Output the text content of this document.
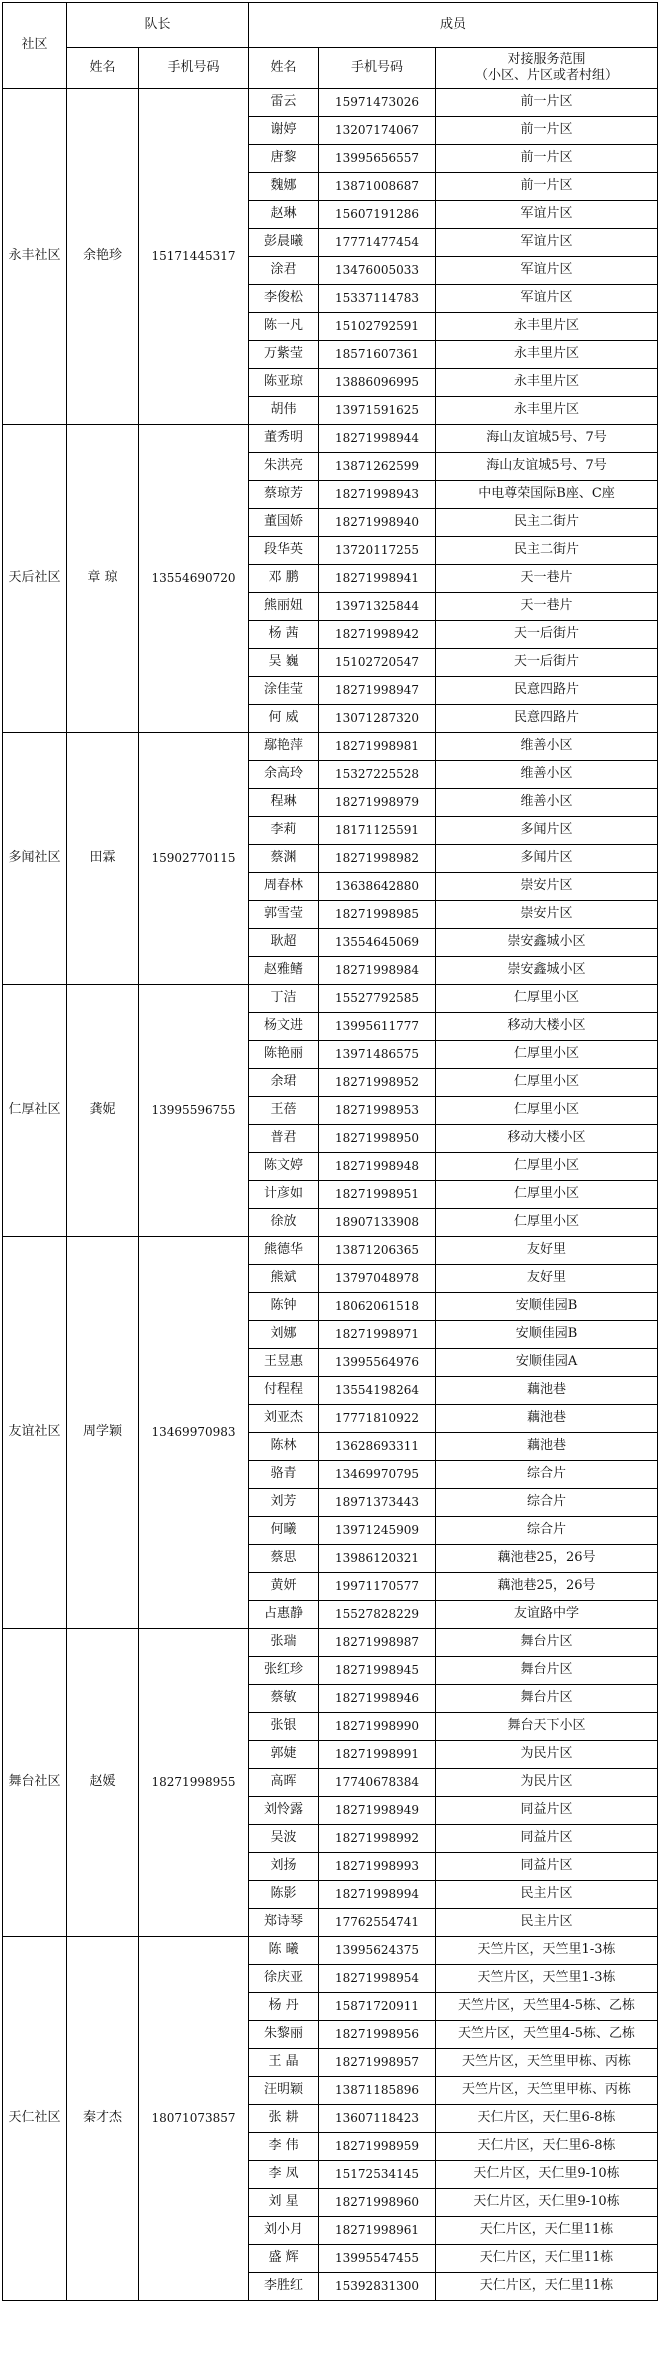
社区	队长		成员		
	姓名	手机号码	姓名	手机号码	对接服务范围
（小区、片区或者村组）

永丰社区	余艳珍	15171445317	雷云	15971473026	前一片区
			谢婷	13207174067	前一片区
			唐黎	13995656557	前一片区
			魏娜	13871008687	前一片区
			赵琳	15607191286	军谊片区
			彭晨曦	17771477454	军谊片区
			涂君	13476005033	军谊片区
			李俊松	15337114783	军谊片区
			陈一凡	15102792591	永丰里片区
			万紫莹	18571607361	永丰里片区
			陈亚琼	13886096995	永丰里片区
			胡伟	13971591625	永丰里片区
天后社区	章 琼	13554690720	董秀明	18271998944	海山友谊城5号、7号
			朱洪亮	13871262599	海山友谊城5号、7号
			蔡琼芳	18271998943	中电尊荣国际B座、C座
			董国娇	18271998940	民主二街片
			段华英	13720117255	民主二街片
			邓 鹏	18271998941	天一巷片
			熊丽妞	13971325844	天一巷片
			杨 茜	18271998942	天一后街片
			吴 巍	15102720547	天一后街片
			涂佳莹	18271998947	民意四路片
			何 威	13071287320	民意四路片
多闻社区	田霖	15902770115	鄢艳萍	18271998981	维善小区
			余高玲	15327225528	维善小区
			程琳	18271998979	维善小区
			李莉	18171125591	多闻片区
			蔡渊	18271998982	多闻片区
			周春林	13638642880	崇安片区
			郭雪莹	18271998985	崇安片区
			耿超	13554645069	崇安鑫城小区
			赵雅鳍	18271998984	崇安鑫城小区
仁厚社区	龚妮	13995596755	丁洁	15527792585	仁厚里小区
			杨文进	13995611777	移动大楼小区
			陈艳丽	13971486575	仁厚里小区
			余珺	18271998952	仁厚里小区
			王蓓	18271998953	仁厚里小区
			普君	18271998950	移动大楼小区
			陈文婷	18271998948	仁厚里小区
			计彦如	18271998951	仁厚里小区
			徐放	18907133908	仁厚里小区
友谊社区	周学颖	13469970983	熊德华	13871206365	友好里
			熊斌	13797048978	友好里
			陈钟	18062061518	安顺佳园B
			刘娜	18271998971	安顺佳园B
			王昱惠	13995564976	安顺佳园A
			付程程	13554198264	藕池巷
			刘亚杰	17771810922	藕池巷
			陈林	13628693311	藕池巷
			骆青	13469970795	综合片
			刘芳	18971373443	综合片
			何曦	13971245909	综合片
			蔡思	13986120321	藕池巷25，26号
			黄妍	19971170577	藕池巷25，26号
			占惠静	15527828229	友谊路中学
舞台社区	赵媛	18271998955	张瑞	18271998987	舞台片区
			张红珍	18271998945	舞台片区
			蔡敏	18271998946	舞台片区
			张银	18271998990	舞台天下小区
			郭婕	18271998991	为民片区
			高晖	17740678384	为民片区
			刘怜露	18271998949	同益片区
			吴波	18271998992	同益片区
			刘扬	18271998993	同益片区
			陈影	18271998994	民主片区
			郑诗琴	17762554741	民主片区
天仁社区	秦才杰	18071073857	陈 曦	13995624375	天竺片区，天竺里1-3栋
			徐庆亚	18271998954	天竺片区，天竺里1-3栋
			杨 丹	15871720911	天竺片区，天竺里4-5栋、乙栋
			朱黎丽	18271998956	天竺片区，天竺里4-5栋、乙栋
			王 晶	18271998957	天竺片区，天竺里甲栋、丙栋
			汪明颖	13871185896	天竺片区，天竺里甲栋、丙栋
			张 耕	13607118423	天仁片区，天仁里6-8栋
			李 伟	18271998959	天仁片区，天仁里6-8栋
			李 凤	15172534145	天仁片区，天仁里9-10栋
			刘 星	18271998960	天仁片区，天仁里9-10栋
			刘小月	18271998961	天仁片区，天仁里11栋
			盛 辉	13995547455	天仁片区，天仁里11栋
			李胜红	15392831300	天仁片区，天仁里11栋
